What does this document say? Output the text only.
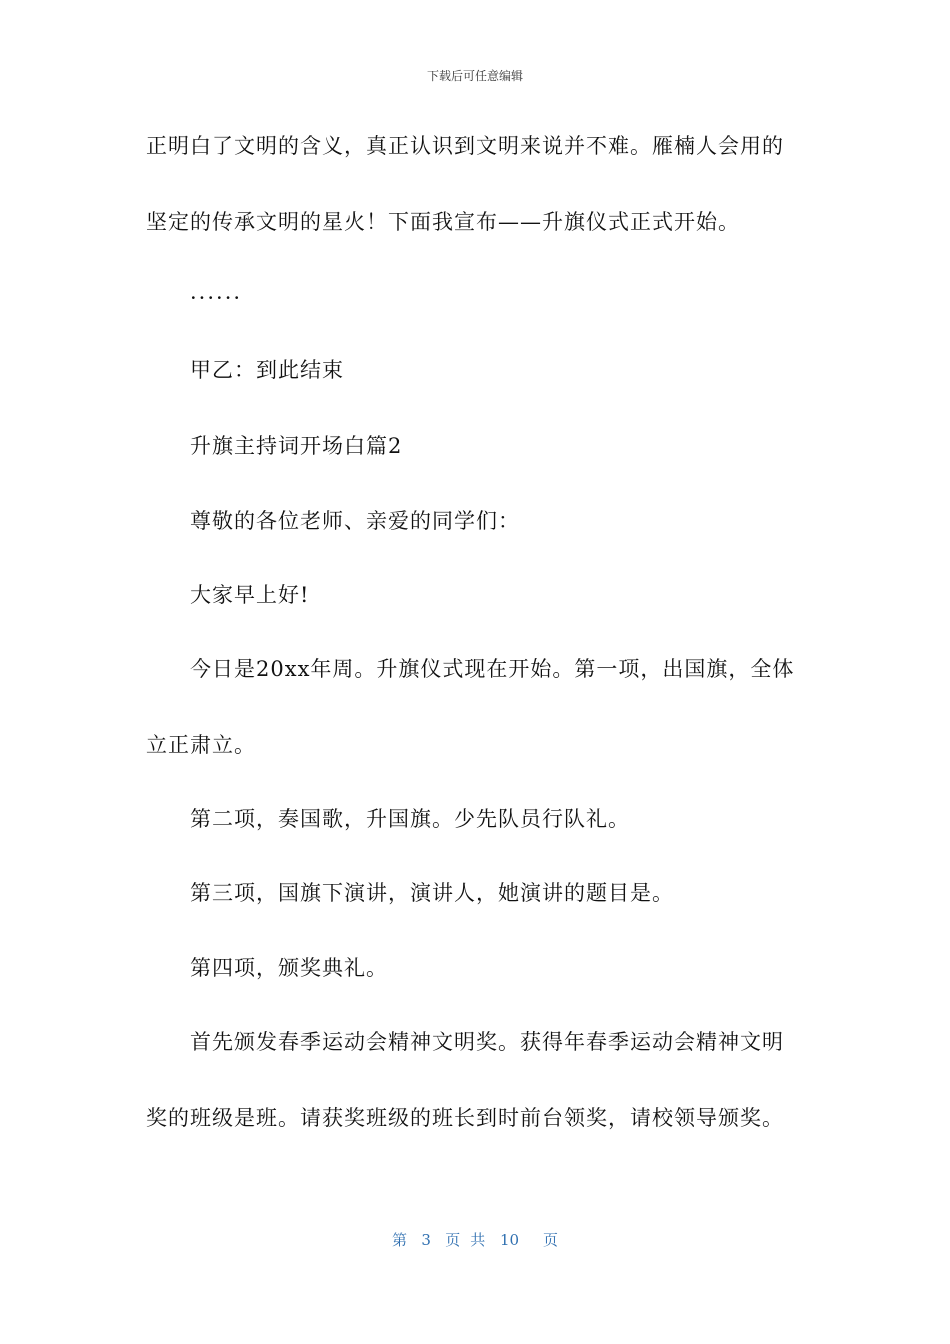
下载后可任意编辑
正明白了文明的含义，真正认识到文明来说并不难。雁楠人会用的
坚定的传承文明的星火！下面我宣布——升旗仪式正式开始。
······
甲乙：到此结束
升旗主持词开场白篇2
尊敬的各位老师、亲爱的同学们：
大家早上好!
今日是20xx年周。升旗仪式现在开始。第一项，出国旗，全体
立正肃立。
第二项，奏国歌，升国旗。少先队员行队礼。
第三项，国旗下演讲，演讲人，她演讲的题目是。
第四项，颁奖典礼。
首先颁发春季运动会精神文明奖。获得年春季运动会精神文明
奖的班级是班。请获奖班级的班长到时前台领奖，请校领导颁奖。
第 3 页共 10 页
